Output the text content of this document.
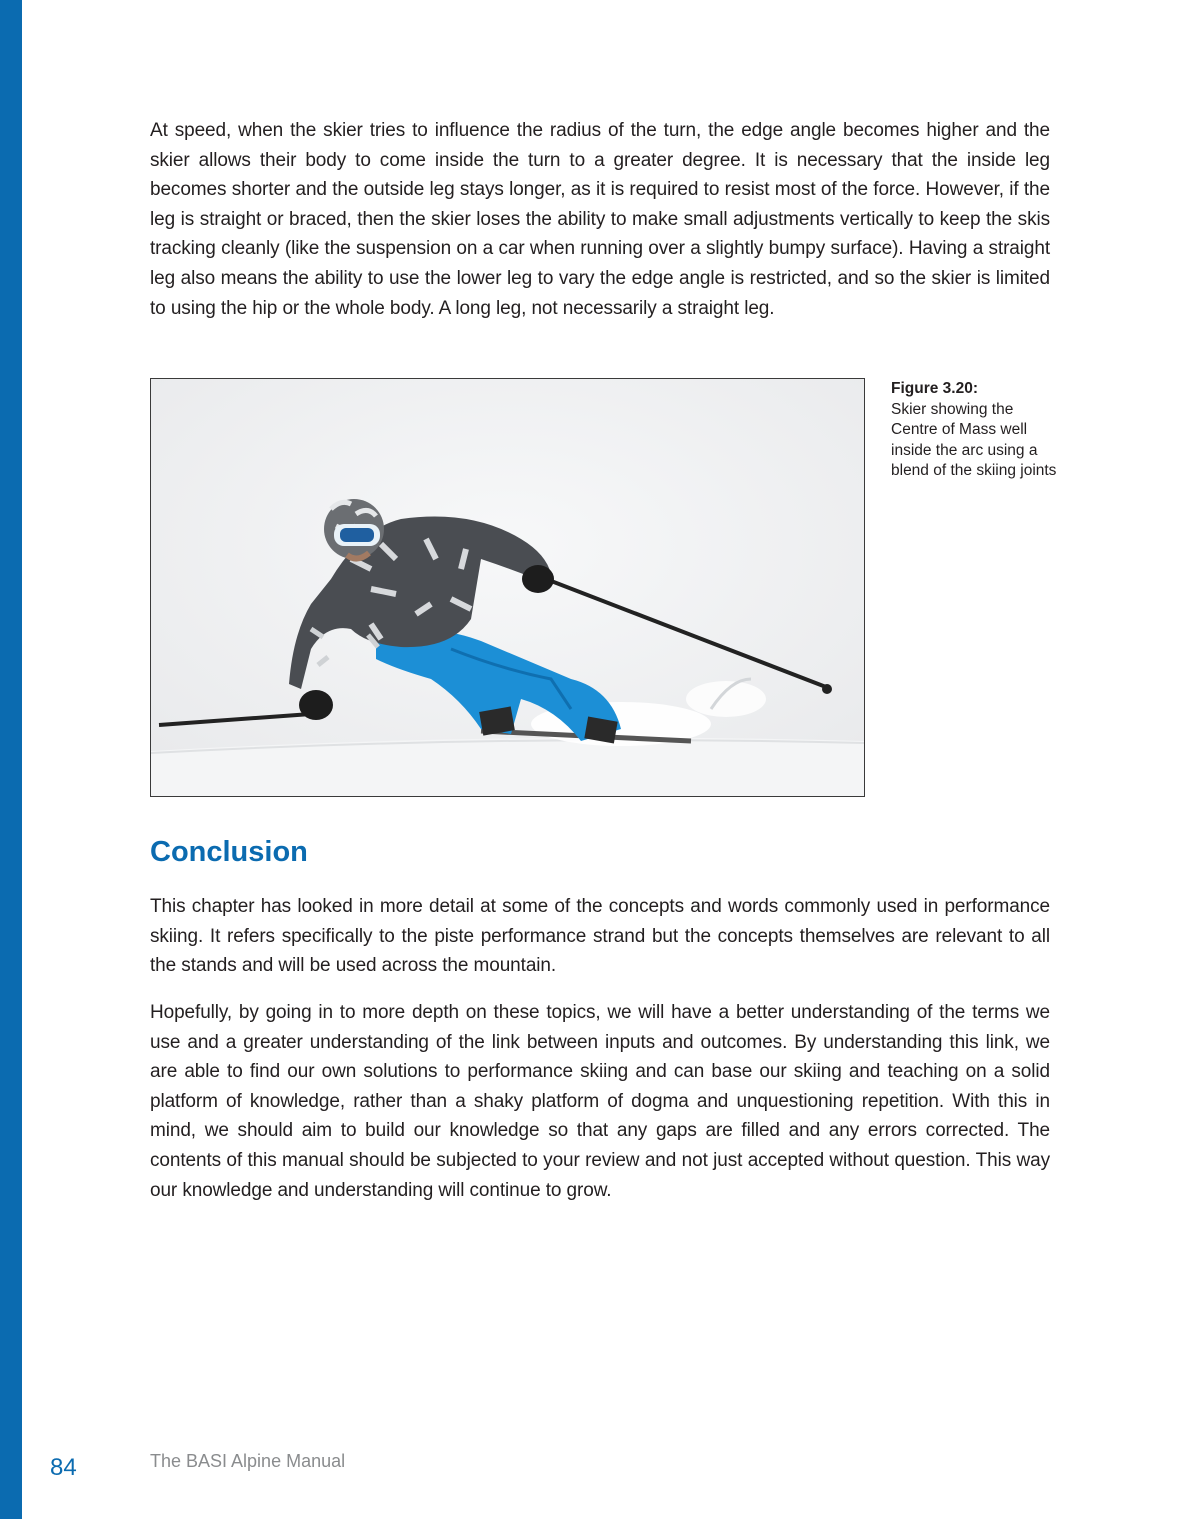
At speed, when the skier tries to influence the radius of the turn, the edge angle becomes higher and the skier allows their body to come inside the turn to a greater degree. It is necessary that the inside leg becomes shorter and the outside leg stays longer, as it is required to resist most of the force. However, if the leg is straight or braced, then the skier loses the ability to make small adjustments vertically to keep the skis tracking cleanly (like the suspension on a car when running over a slightly bumpy surface). Having a straight leg also means the ability to use the lower leg to vary the edge angle is restricted, and so the skier is limited to using the hip or the whole body. A long leg, not necessarily a straight leg.

Figure 3.20:
Skier showing the Centre of Mass well inside the arc using a blend of the skiing joints
Conclusion

This chapter has looked in more detail at some of the concepts and words commonly used in performance skiing. It refers specifically to the piste performance strand but the concepts themselves are relevant to all the stands and will be used across the mountain.

Hopefully, by going in to more depth on these topics, we will have a better understanding of the terms we use and a greater understanding of the link between inputs and outcomes. By understanding this link, we are able to find our own solutions to performance skiing and can base our skiing and teaching on a solid platform of knowledge, rather than a shaky platform of dogma and unquestioning repetition. With this in mind, we should aim to build our knowledge so that any gaps are filled and any errors corrected. The contents of this manual should be subjected to your review and not just accepted without question. This way our knowledge and understanding will continue to grow.

84	The BASI Alpine Manual
